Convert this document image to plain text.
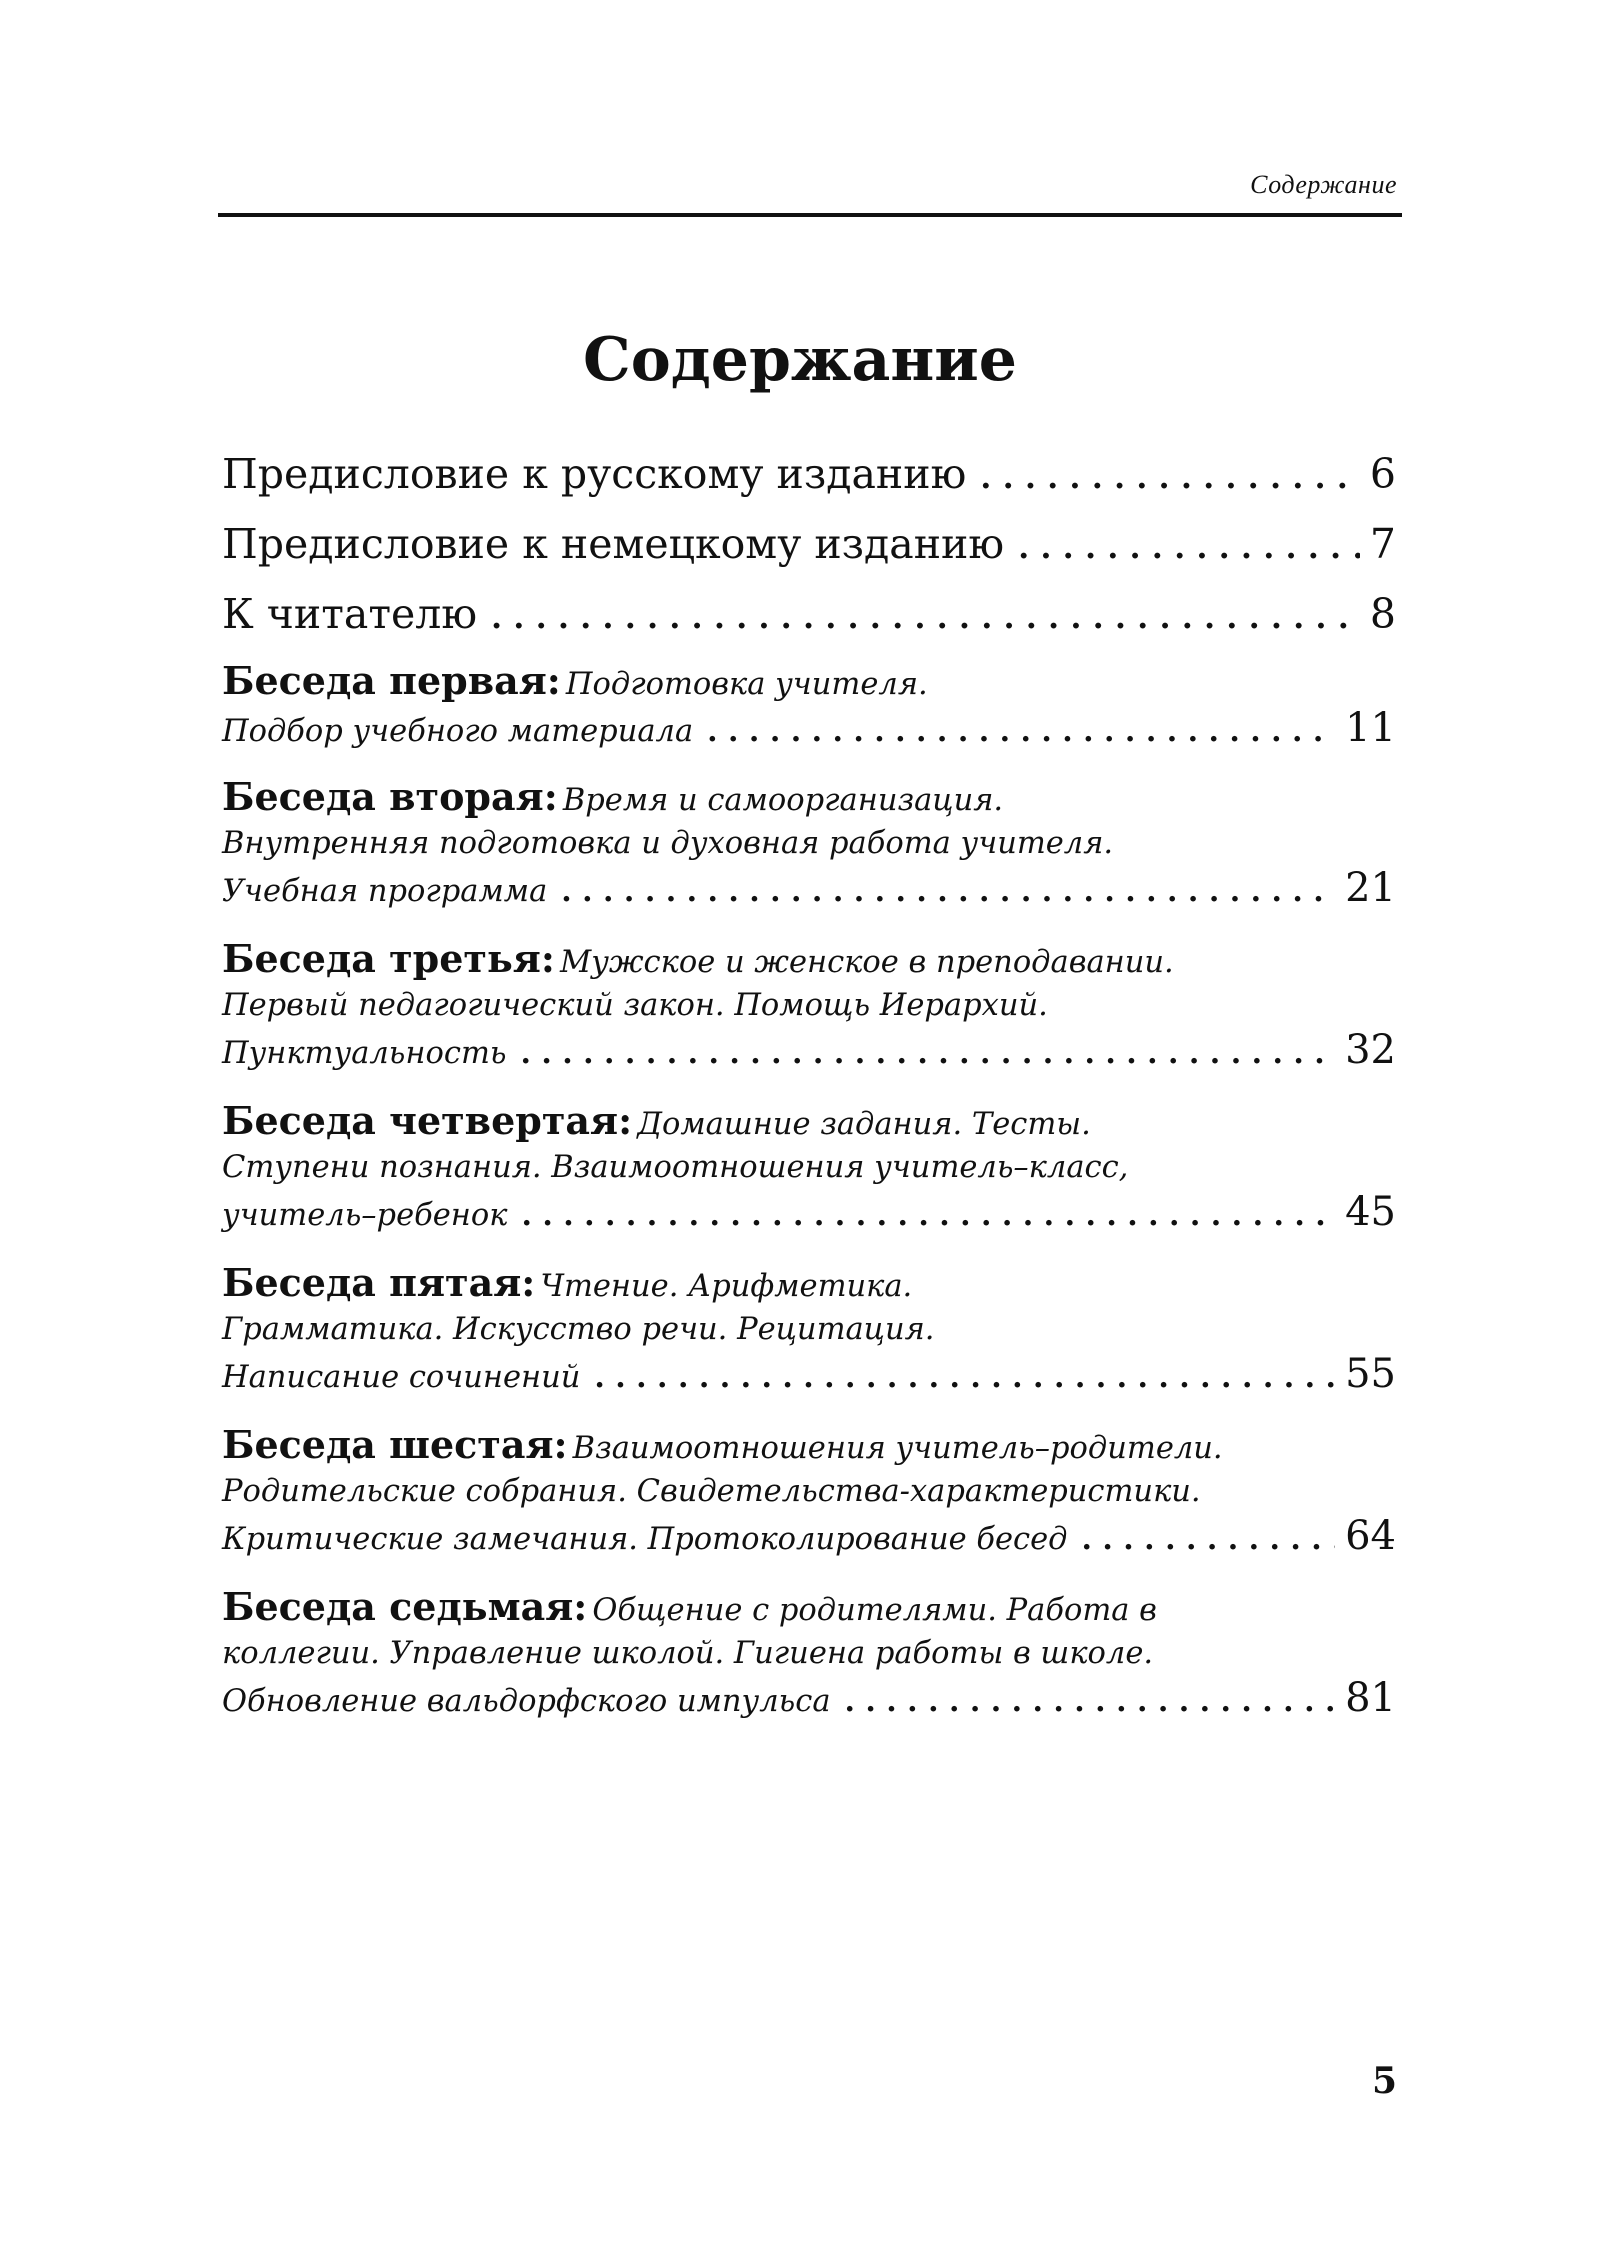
Содержание
Содержание
Предисловие к русскому изданию . . .	6
Предисловие к немецкому изданию . . .	7
К читателю . . .	8
Беседа первая:
Подготовка учителя.
Подбор учебного материала . . .	11
Беседа вторая:
Время и самоорганизация.
Внутренняя подготовка и духовная работа учителя.
Учебная программа . . .	21
Беседа третья:
Мужское и женское в преподавании.
Первый педагогический закон. Помощь Иерархий.
Пунктуальность . . .	32
Беседа четвертая:
Домашние задания. Тесты.
Ступени познания. Взаимоотношения учитель–класс,
учитель–ребенок . . .	45
Беседа пятая:
Чтение. Арифметика.
Грамматика. Искусство речи. Рецитация.
Написание сочинений . . .	55
Беседа шестая:
Взаимоотношения учитель–родители.
Родительские собрания. Свидетельства-характеристики.
Критические замечания. Протоколирование бесед . . .	64
Беседа седьмая:
Общение с родителями. Работа в
коллегии. Управление школой. Гигиена работы в школе.
Обновление вальдорфского импульса . . .	81
5
